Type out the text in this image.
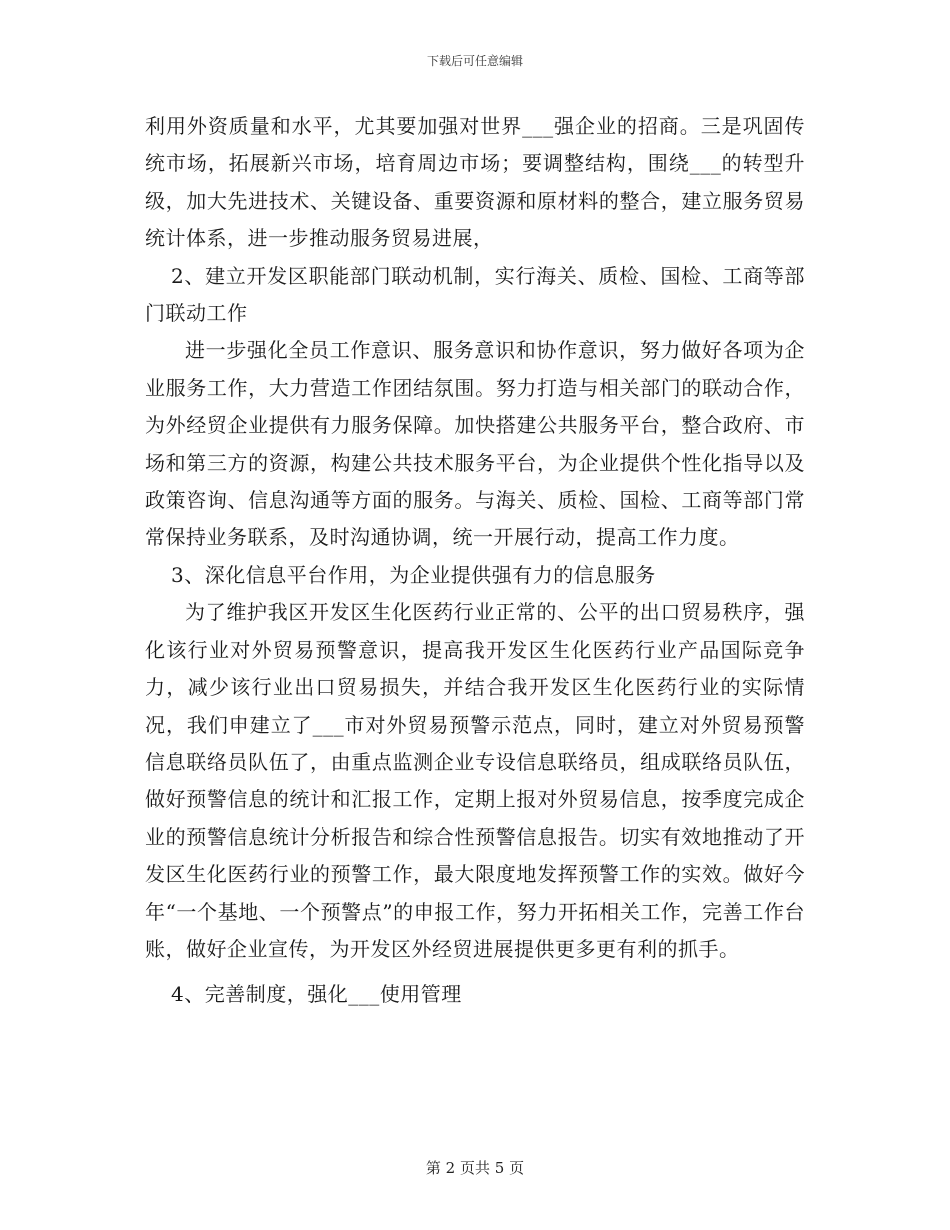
下载后可任意编辑

利用外资质量和水平，尤其要加强对世界___强企业的招商。三是巩固传统市场，拓展新兴市场，培育周边市场；要调整结构，围绕___的转型升级，加大先进技术、关键设备、重要资源和原材料的整合，建立服务贸易统计体系，进一步推动服务贸易进展，

2、建立开发区职能部门联动机制，实行海关、质检、国检、工商等部门联动工作

进一步强化全员工作意识、服务意识和协作意识，努力做好各项为企业服务工作，大力营造工作团结氛围。努力打造与相关部门的联动合作，为外经贸企业提供有力服务保障。加快搭建公共服务平台，整合政府、市场和第三方的资源，构建公共技术服务平台，为企业提供个性化指导以及政策咨询、信息沟通等方面的服务。与海关、质检、国检、工商等部门常常保持业务联系，及时沟通协调，统一开展行动，提高工作力度。

3、深化信息平台作用，为企业提供强有力的信息服务

为了维护我区开发区生化医药行业正常的、公平的出口贸易秩序，强化该行业对外贸易预警意识，提高我开发区生化医药行业产品国际竞争力，减少该行业出口贸易损失，并结合我开发区生化医药行业的实际情况，我们申建立了___市对外贸易预警示范点，同时，建立对外贸易预警信息联络员队伍了，由重点监测企业专设信息联络员，组成联络员队伍，做好预警信息的统计和汇报工作，定期上报对外贸易信息，按季度完成企业的预警信息统计分析报告和综合性预警信息报告。切实有效地推动了开发区生化医药行业的预警工作，最大限度地发挥预警工作的实效。做好今年“一个基地、一个预警点”的申报工作，努力开拓相关工作，完善工作台账，做好企业宣传，为开发区外经贸进展提供更多更有利的抓手。

4、完善制度，强化___使用管理

第 2 页共 5 页
